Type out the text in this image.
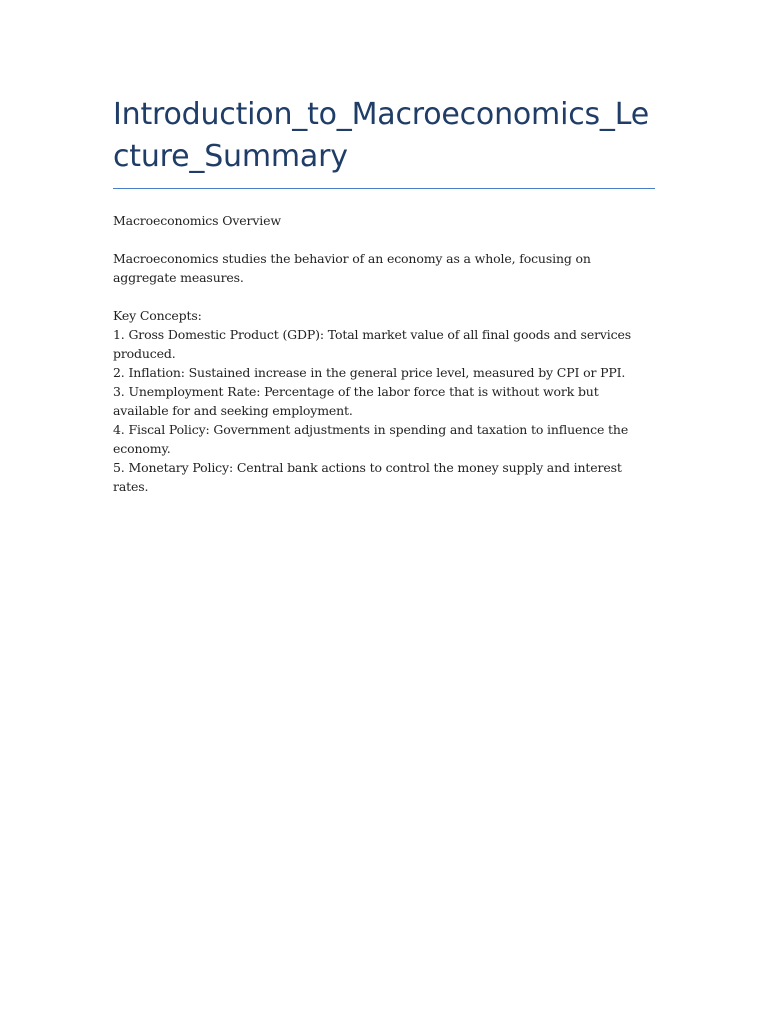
Introduction_to_Macroeconomics_Lecture_Summary

Macroeconomics Overview

Macroeconomics studies the behavior of an economy as a whole, focusing on aggregate measures.

Key Concepts:

1. Gross Domestic Product (GDP): Total market value of all final goods and services produced.

2. Inflation: Sustained increase in the general price level, measured by CPI or PPI.

3. Unemployment Rate: Percentage of the labor force that is without work but available for and seeking employment.

4. Fiscal Policy: Government adjustments in spending and taxation to influence the economy.

5. Monetary Policy: Central bank actions to control the money supply and interest rates.
